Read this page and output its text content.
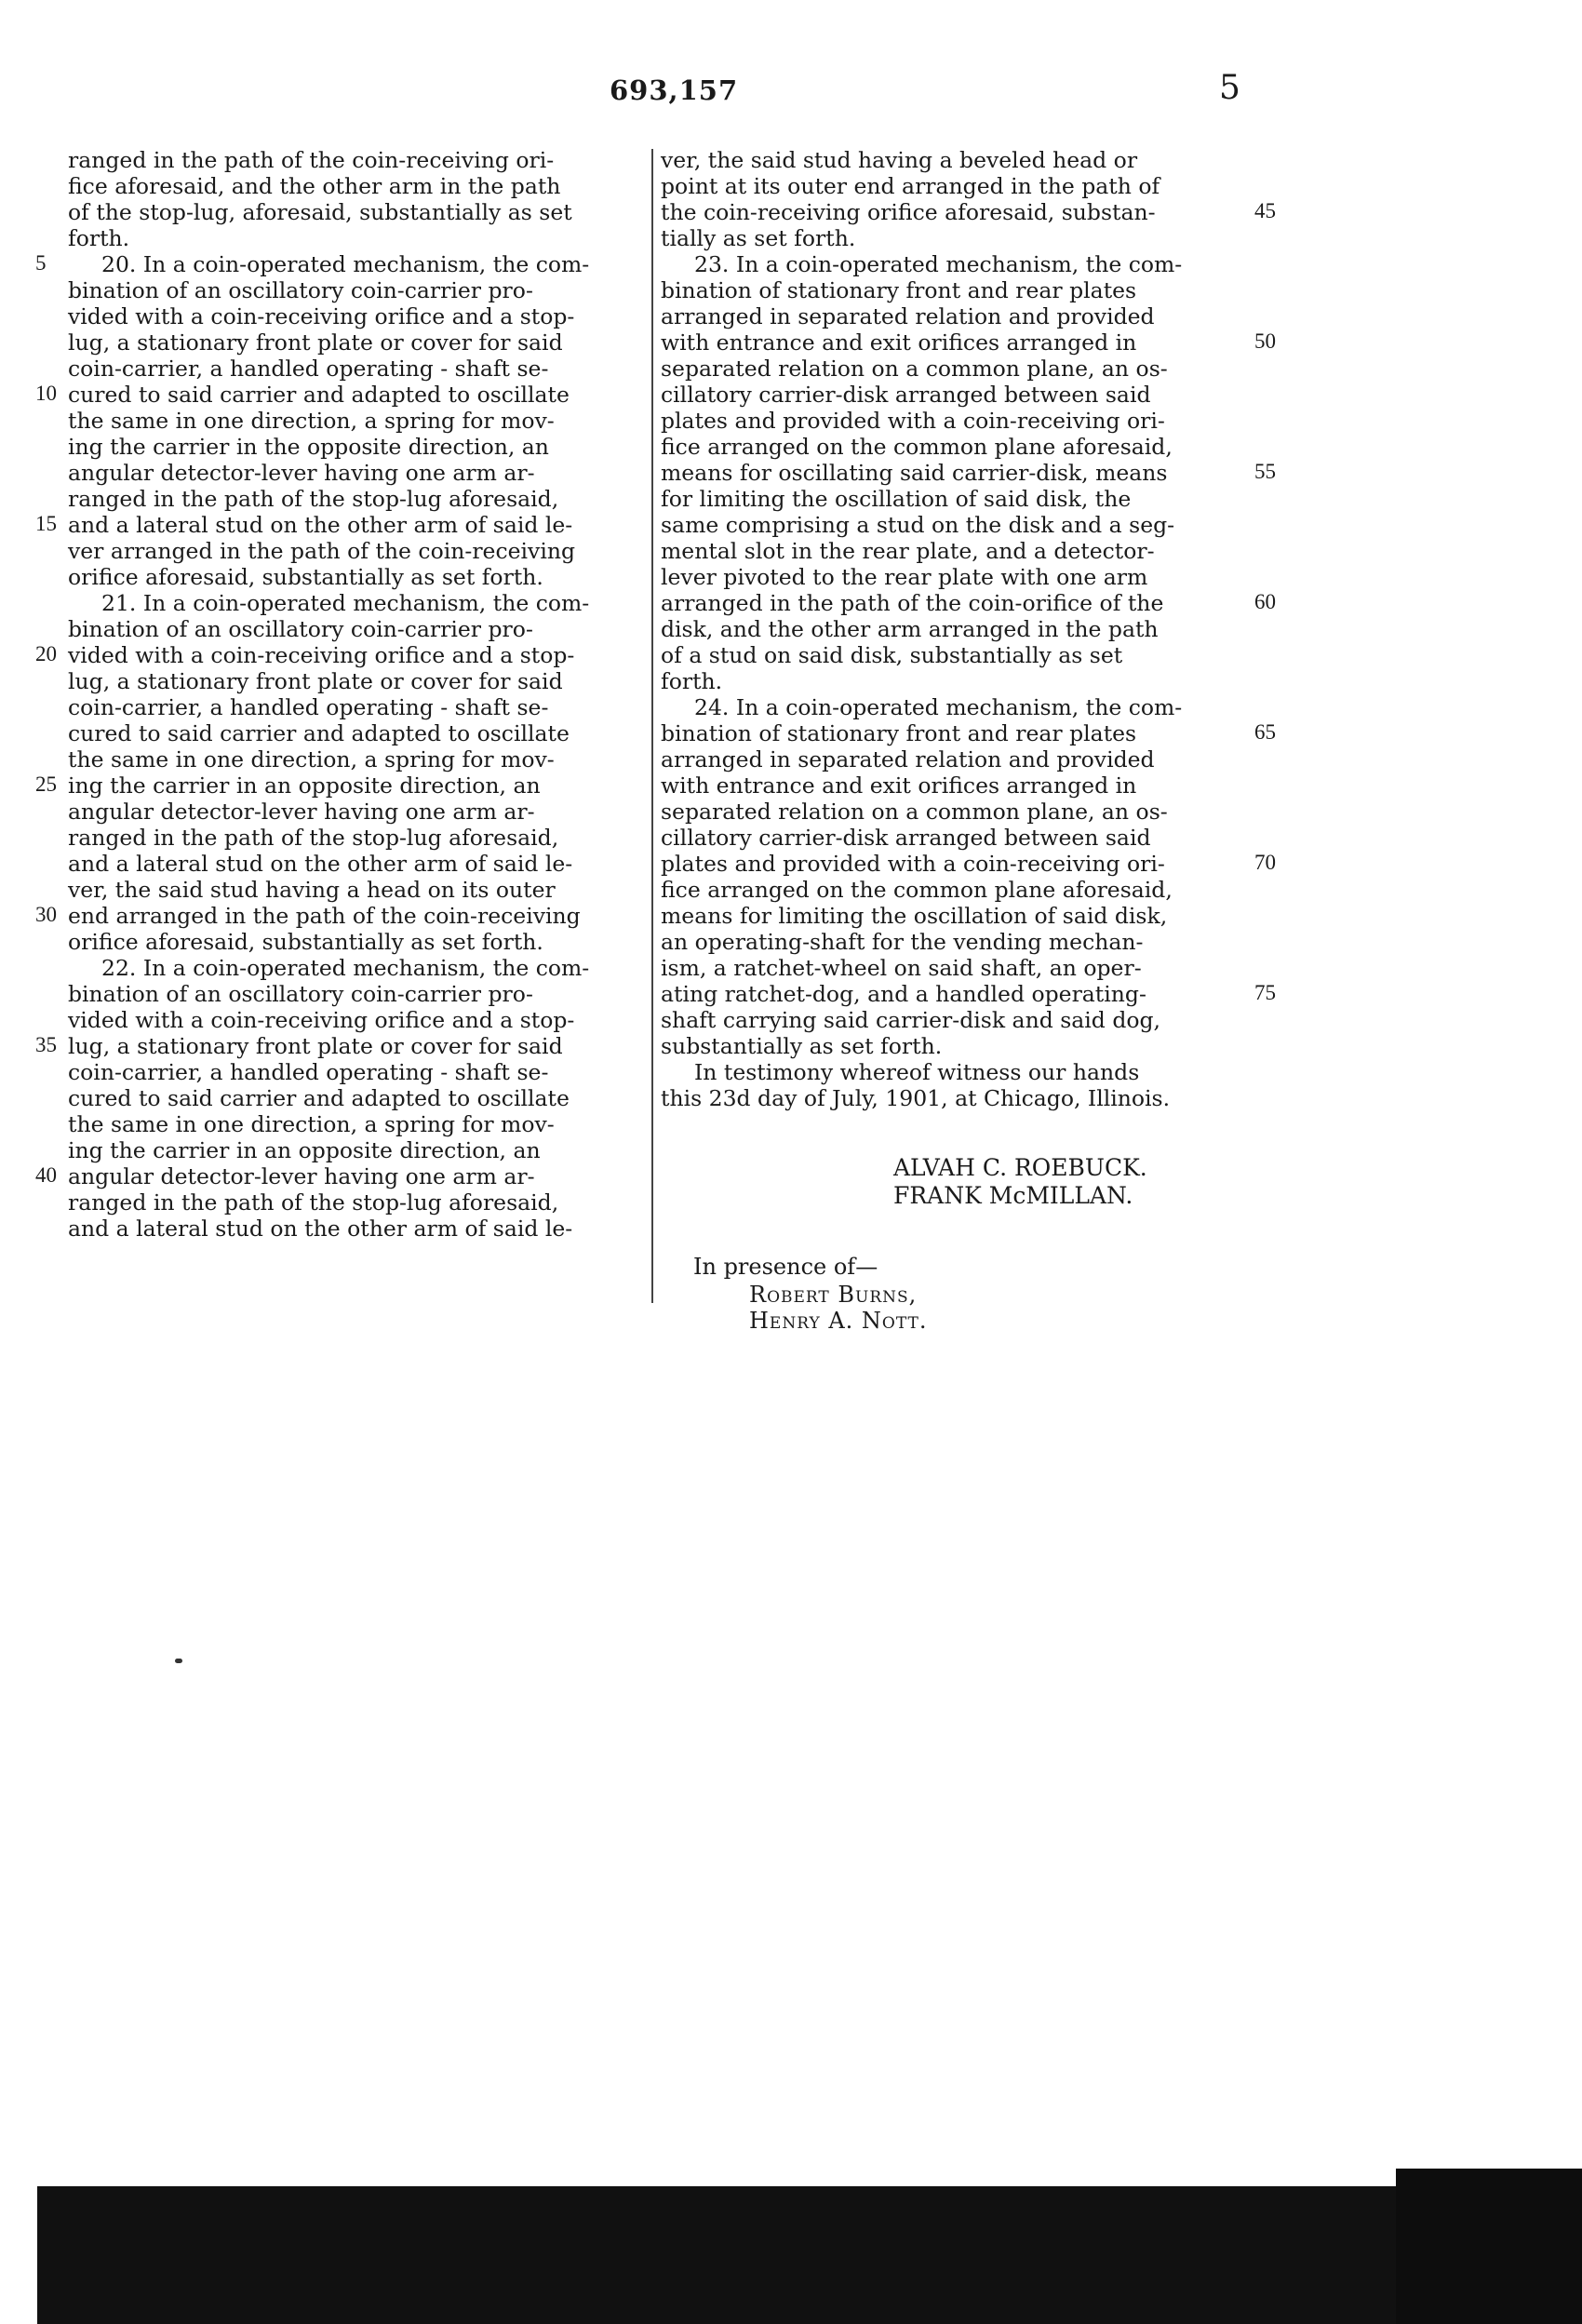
693,157	5
ranged in the path of the coin-receiving ori-
fice aforesaid, and the other arm in the path
of the stop-lug, aforesaid, substantially as set
forth.
20. In a coin-operated mechanism, the com-
bination of an oscillatory coin-carrier pro-
vided with a coin-receiving orifice and a stop-
lug, a stationary front plate or cover for said
coin-carrier, a handled operating - shaft se-
cured to said carrier and adapted to oscillate
the same in one direction, a spring for mov-
ing the carrier in the opposite direction, an
angular detector-lever having one arm ar-
ranged in the path of the stop-lug aforesaid,
and a lateral stud on the other arm of said le-
ver arranged in the path of the coin-receiving
orifice aforesaid, substantially as set forth.
21. In a coin-operated mechanism, the com-
bination of an oscillatory coin-carrier pro-
vided with a coin-receiving orifice and a stop-
lug, a stationary front plate or cover for said
coin-carrier, a handled operating - shaft se-
cured to said carrier and adapted to oscillate
the same in one direction, a spring for mov-
ing the carrier in an opposite direction, an
angular detector-lever having one arm ar-
ranged in the path of the stop-lug aforesaid,
and a lateral stud on the other arm of said le-
ver, the said stud having a head on its outer
end arranged in the path of the coin-receiving
orifice aforesaid, substantially as set forth.
22. In a coin-operated mechanism, the com-
bination of an oscillatory coin-carrier pro-
vided with a coin-receiving orifice and a stop-
lug, a stationary front plate or cover for said
coin-carrier, a handled operating - shaft se-
cured to said carrier and adapted to oscillate
the same in one direction, a spring for mov-
ing the carrier in an opposite direction, an
angular detector-lever having one arm ar-
ranged in the path of the stop-lug aforesaid,
and a lateral stud on the other arm of said le-
ver, the said stud having a beveled head or
point at its outer end arranged in the path of
the coin-receiving orifice aforesaid, substan-
tially as set forth.
23. In a coin-operated mechanism, the com-
bination of stationary front and rear plates
arranged in separated relation and provided
with entrance and exit orifices arranged in
separated relation on a common plane, an os-
cillatory carrier-disk arranged between said
plates and provided with a coin-receiving ori-
fice arranged on the common plane aforesaid,
means for oscillating said carrier-disk, means
for limiting the oscillation of said disk, the
same comprising a stud on the disk and a seg-
mental slot in the rear plate, and a detector-
lever pivoted to the rear plate with one arm
arranged in the path of the coin-orifice of the
disk, and the other arm arranged in the path
of a stud on said disk, substantially as set
forth.
24. In a coin-operated mechanism, the com-
bination of stationary front and rear plates
arranged in separated relation and provided
with entrance and exit orifices arranged in
separated relation on a common plane, an os-
cillatory carrier-disk arranged between said
plates and provided with a coin-receiving ori-
fice arranged on the common plane aforesaid,
means for limiting the oscillation of said disk,
an operating-shaft for the vending mechan-
ism, a ratchet-wheel on said shaft, an oper-
ating ratchet-dog, and a handled operating-
shaft carrying said carrier-disk and said dog,
substantially as set forth.
In testimony whereof witness our hands
this 23d day of July, 1901, at Chicago, Illinois.
5
10
15
20
25
30
35
40
45
50
55
60
65
70
75
ALVAH C. ROEBUCK.
FRANK McMILLAN.
In presence of—
Robert Burns,
Henry A. Nott.
